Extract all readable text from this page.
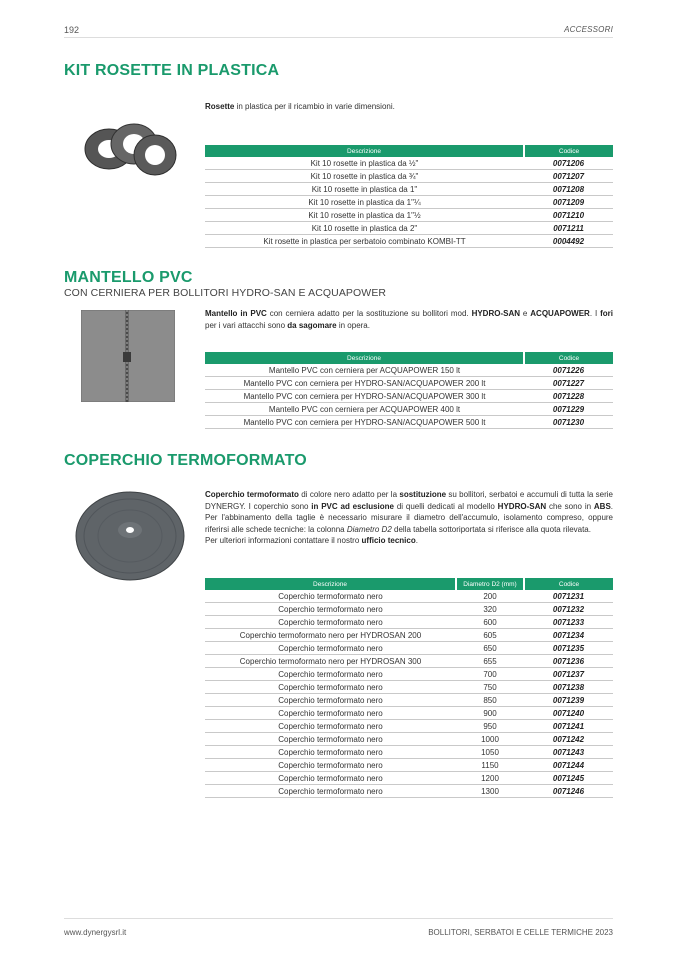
192	ACCESSORI
KIT ROSETTE IN PLASTICA
Rosette in plastica per il ricambio in varie dimensioni.
Descrizione	Codice
Kit 10 rosette in plastica da ½"	0071206
Kit 10 rosette in plastica da ¾"	0071207
Kit 10 rosette in plastica da 1"	0071208
Kit 10 rosette in plastica da 1"¼	0071209
Kit 10 rosette in plastica da 1"½	0071210
Kit 10 rosette in plastica da 2"	0071211
Kit rosette in plastica per serbatoio combinato KOMBI-TT	0004492
MANTELLO PVC
CON CERNIERA PER BOLLITORI HYDRO-SAN E ACQUAPOWER
Mantello in PVC con cerniera adatto per la sostituzione su bollitori mod. HYDRO-SAN e ACQUAPOWER. I fori per i vari attacchi sono da sagomare in opera.
Descrizione	Codice
Mantello PVC con cerniera per ACQUAPOWER 150 lt	0071226
Mantello PVC con cerniera per HYDRO-SAN/ACQUAPOWER 200 lt	0071227
Mantello PVC con cerniera per HYDRO-SAN/ACQUAPOWER 300 lt	0071228
Mantello PVC con cerniera per ACQUAPOWER 400 lt	0071229
Mantello PVC con cerniera per HYDRO-SAN/ACQUAPOWER 500 lt	0071230
COPERCHIO TERMOFORMATO
Coperchio termoformato di colore nero adatto per la sostituzione su bollitori, serbatoi e accumuli di tutta la serie DYNERGY. I coperchio sono in PVC ad esclusione di quelli dedicati al modello HYDRO-SAN che sono in ABS. Per l'abbinamento della taglie è necessario misurare il diametro dell'accumulo, isolamento compreso, oppure riferirsi alle schede tecniche: la colonna Diametro D2 della tabella sottoriportata si riferisce alla quota rilevata.
Per ulteriori informazioni contattare il nostro ufficio tecnico.
Descrizione	Diametro D2 (mm)	Codice
Coperchio termoformato nero	200	0071231
Coperchio termoformato nero	320	0071232
Coperchio termoformato nero	600	0071233
Coperchio termoformato nero per HYDROSAN 200	605	0071234
Coperchio termoformato nero	650	0071235
Coperchio termoformato nero per HYDROSAN 300	655	0071236
Coperchio termoformato nero	700	0071237
Coperchio termoformato nero	750	0071238
Coperchio termoformato nero	850	0071239
Coperchio termoformato nero	900	0071240
Coperchio termoformato nero	950	0071241
Coperchio termoformato nero	1000	0071242
Coperchio termoformato nero	1050	0071243
Coperchio termoformato nero	1150	0071244
Coperchio termoformato nero	1200	0071245
Coperchio termoformato nero	1300	0071246
www.dynergysrl.it	BOLLITORI, SERBATOI E CELLE TERMICHE 2023
